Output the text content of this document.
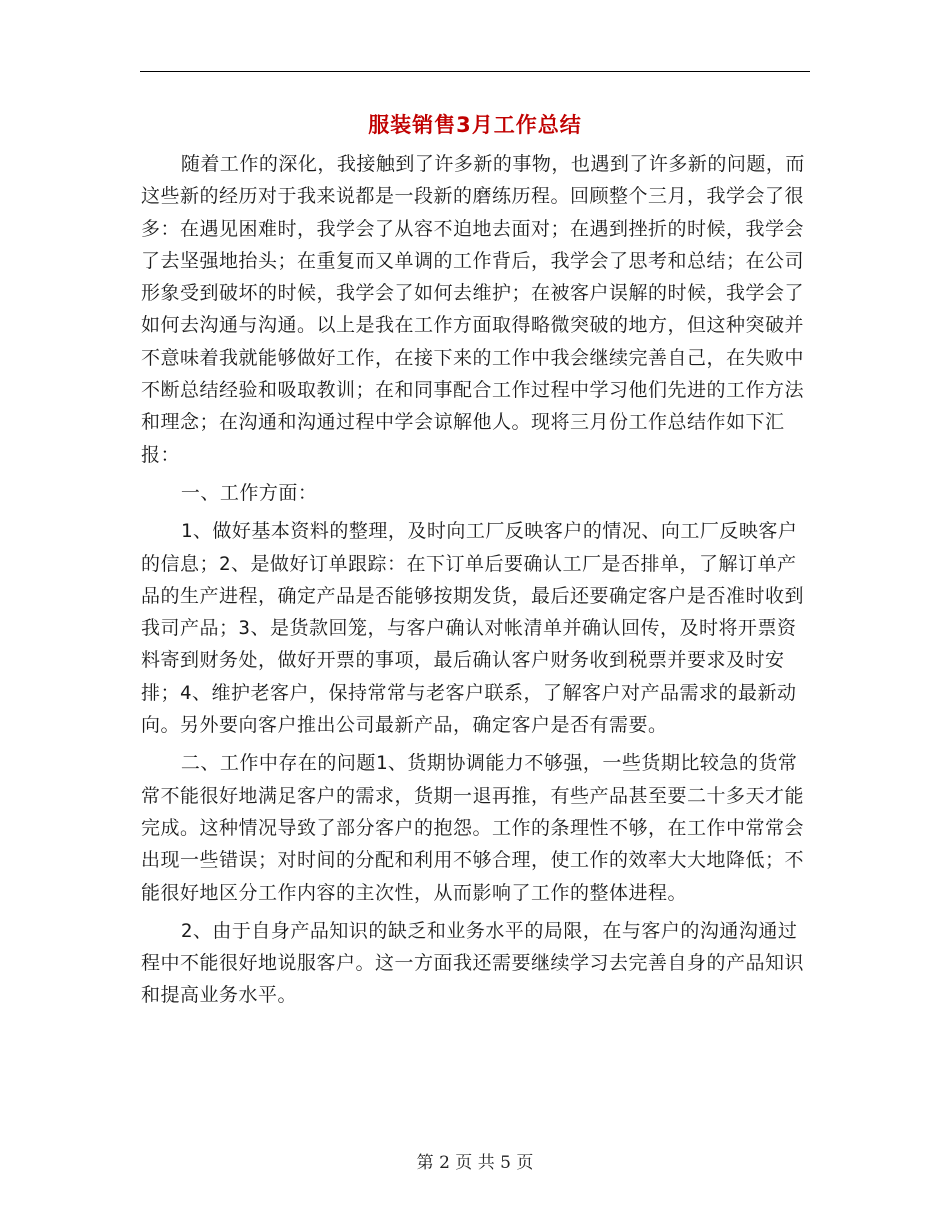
服装销售3月工作总结

随着工作的深化，我接触到了许多新的事物，也遇到了许多新的问题，而这些新的经历对于我来说都是一段新的磨练历程。回顾整个三月，我学会了很多：在遇见困难时，我学会了从容不迫地去面对；在遇到挫折的时候，我学会了去坚强地抬头；在重复而又单调的工作背后，我学会了思考和总结；在公司形象受到破坏的时候，我学会了如何去维护；在被客户误解的时候，我学会了如何去沟通与沟通。以上是我在工作方面取得略微突破的地方，但这种突破并不意味着我就能够做好工作，在接下来的工作中我会继续完善自己，在失败中不断总结经验和吸取教训；在和同事配合工作过程中学习他们先进的工作方法和理念；在沟通和沟通过程中学会谅解他人。现将三月份工作总结作如下汇报：

一、工作方面：

1、做好基本资料的整理，及时向工厂反映客户的情况、向工厂反映客户的信息；2、是做好订单跟踪：在下订单后要确认工厂是否排单，了解订单产品的生产进程，确定产品是否能够按期发货，最后还要确定客户是否准时收到我司产品；3、是货款回笼，与客户确认对帐清单并确认回传，及时将开票资料寄到财务处，做好开票的事项，最后确认客户财务收到税票并要求及时安排；4、维护老客户，保持常常与老客户联系，了解客户对产品需求的最新动向。另外要向客户推出公司最新产品，确定客户是否有需要。

二、工作中存在的问题1、货期协调能力不够强，一些货期比较急的货常常不能很好地满足客户的需求，货期一退再推，有些产品甚至要二十多天才能完成。这种情况导致了部分客户的抱怨。工作的条理性不够，在工作中常常会出现一些错误；对时间的分配和利用不够合理，使工作的效率大大地降低；不能很好地区分工作内容的主次性，从而影响了工作的整体进程。

2、由于自身产品知识的缺乏和业务水平的局限，在与客户的沟通沟通过程中不能很好地说服客户。这一方面我还需要继续学习去完善自身的产品知识和提高业务水平。

第 2 页 共 5 页
